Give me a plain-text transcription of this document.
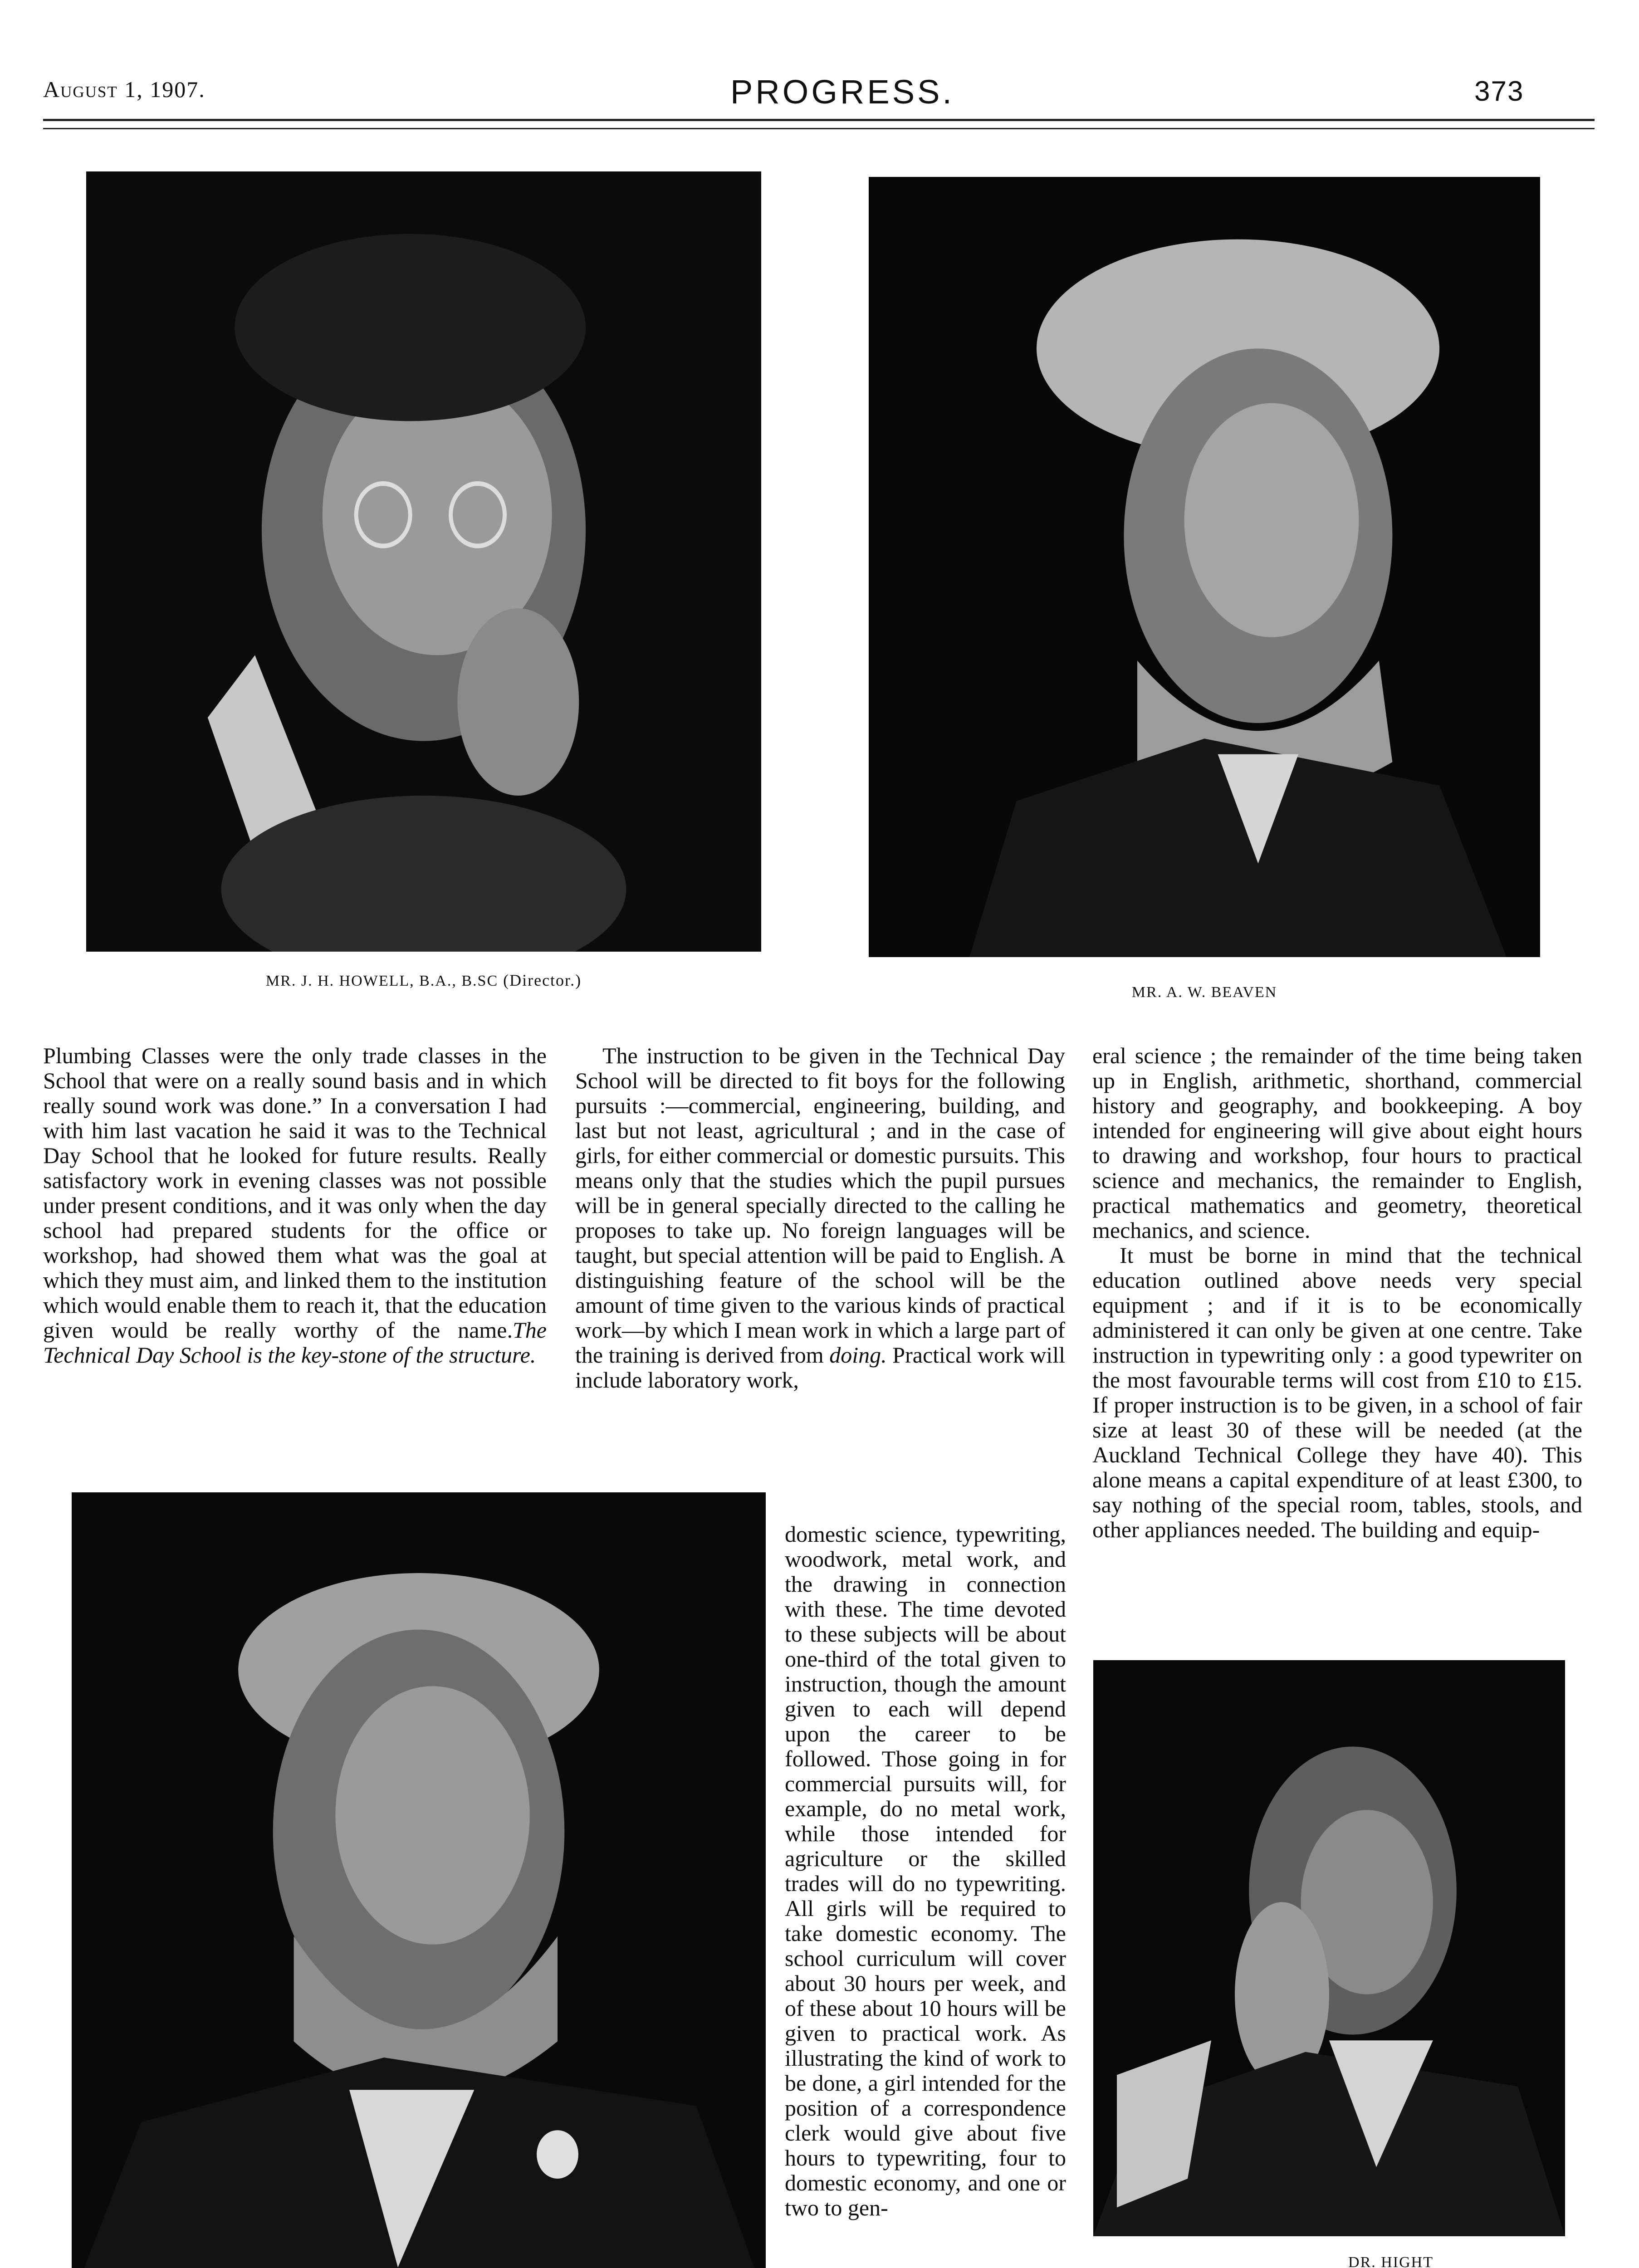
August 1, 1907.	PROGRESS.	373
MR. J. H. HOWELL, B.A., B.SC (Director.)
MR. A. W. BEAVEN

Plumbing Classes were the only trade classes in the School that were on a really sound basis and in which really sound work was done.” In a conversation I had with him last vacation he said it was to the Technical Day School that he looked for future results. Really satisfactory work in evening classes was not possible under present conditions, and it was only when the day school had prepared students for the office or workshop, had showed them what was the goal at which they must aim, and linked them to the institution which would enable them to reach it, that the education given would be really worthy of the name.The Technical Day School is the key-stone of the structure.

The instruction to be given in the Technical Day School will be directed to fit boys for the following pursuits :—commercial, engineering, building, and last but not least, agricultural ; and in the case of girls, for either commercial or domestic pursuits. This means only that the studies which the pupil pursues will be in general specially directed to the calling he proposes to take up. No foreign languages will be taught, but special attention will be paid to English. A distinguishing feature of the school will be the amount of time given to the various kinds of practical work—by which I mean work in which a large part of the training is derived from doing. Practical work will include laboratory work,

domestic science, typewriting, woodwork, metal work, and the drawing in connection with these. The time devoted to these subjects will be about one-third of the total given to instruction, though the amount given to each will depend upon the career to be followed. Those going in for commercial pursuits will, for example, do no metal work, while those intended for agriculture or the skilled trades will do no typewriting. All girls will be required to take domestic economy. The school curriculum will cover about 30 hours per week, and of these about 10 hours will be given to practical work. As illustrating the kind of work to be done, a girl intended for the position of a correspondence clerk would give about five hours to typewriting, four to domestic economy, and one or two to gen-

eral science ; the remainder of the time being taken up in English, arithmetic, shorthand, commercial history and geography, and bookkeeping. A boy intended for engineering will give about eight hours to drawing and workshop, four hours to practical science and mechanics, the remainder to English, practical mathematics and geometry, theoretical mechanics, and science.

It must be borne in mind that the technical education outlined above needs very special equipment ; and if it is to be economically administered it can only be given at one centre. Take instruction in typewriting only : a good typewriter on the most favourable terms will cost from £10 to £15. If proper instruction is to be given, in a school of fair size at least 30 of these will be needed (at the Auckland Technical College they have 40). This alone means a capital expenditure of at least £300, to say nothing of the special room, tables, stools, and other appliances needed. The building and equip-

DR. HIGHT
